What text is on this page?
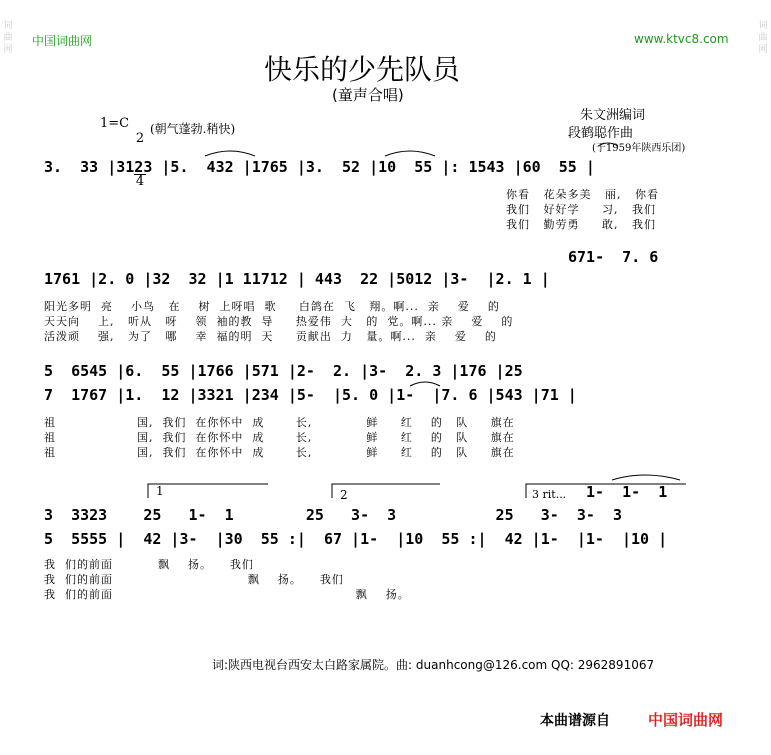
词
曲
网
词
曲
网
中国词曲网	www.ktvc8.com
快乐的少先队员
(童声合唱)
1=C

2

4

(朝气蓬勃.稍快)
朱文洲编词
段鹤聪作曲
(于1959年陕西乐团)
3.  33 |3123 |5.  432 |1765 |3.  52 |10  55 |: 1543 |60  55 |
你看   花朵多美   丽,   你看
我们   好好学     习,   我们
我们   勤劳勇     敢,   我们
671-  7. 6
1761 |2. 0 |32  32 |1 11712 | 443  22 |5012 |3-  |2. 1 |
阳光多明  亮    小鸟   在    树  上呀唱  歌     白鸽在  飞   翔。啊...  亲    爱    的
天天向    上,   听从   呀    领  袖的教  导     热爱伟  大   的  党。啊... 亲    爱    的
活泼顽    强,   为了   哪    幸  福的明  天     贡献出  力   量。啊...  亲    爱    的
5  6545 |6.  55 |1766 |571 |2-  2. |3-  2. 3 |176 |25
7  1767 |1.  12 |3321 |234 |5-  |5. 0 |1-  |7. 6 |543 |71 |
祖                  国,  我们  在你怀中  成       长,            鲜     红    的   队     旗在
祖                  国,  我们  在你怀中  成       长,            鲜     红    的   队     旗在
祖                  国,  我们  在你怀中  成       长,            鲜     红    的   队     旗在
1	2	3 rit... 1-  1-  1
3  3323    25   1-  1        25   3-  3           25   3-  3-  3
5  5555 |  42 |3-  |30  55 :|  67 |1-  |10  55 :|  42 |1-  |1-  |10 |
我  们的前面          飘    扬。    我们
我  们的前面                              飘    扬。    我们
我  们的前面                                                      飘    扬。
词:陕西电视台西安太白路家属院。曲: duanhcong@126.com QQ: 2962891067
本曲谱源自	中国词曲网
